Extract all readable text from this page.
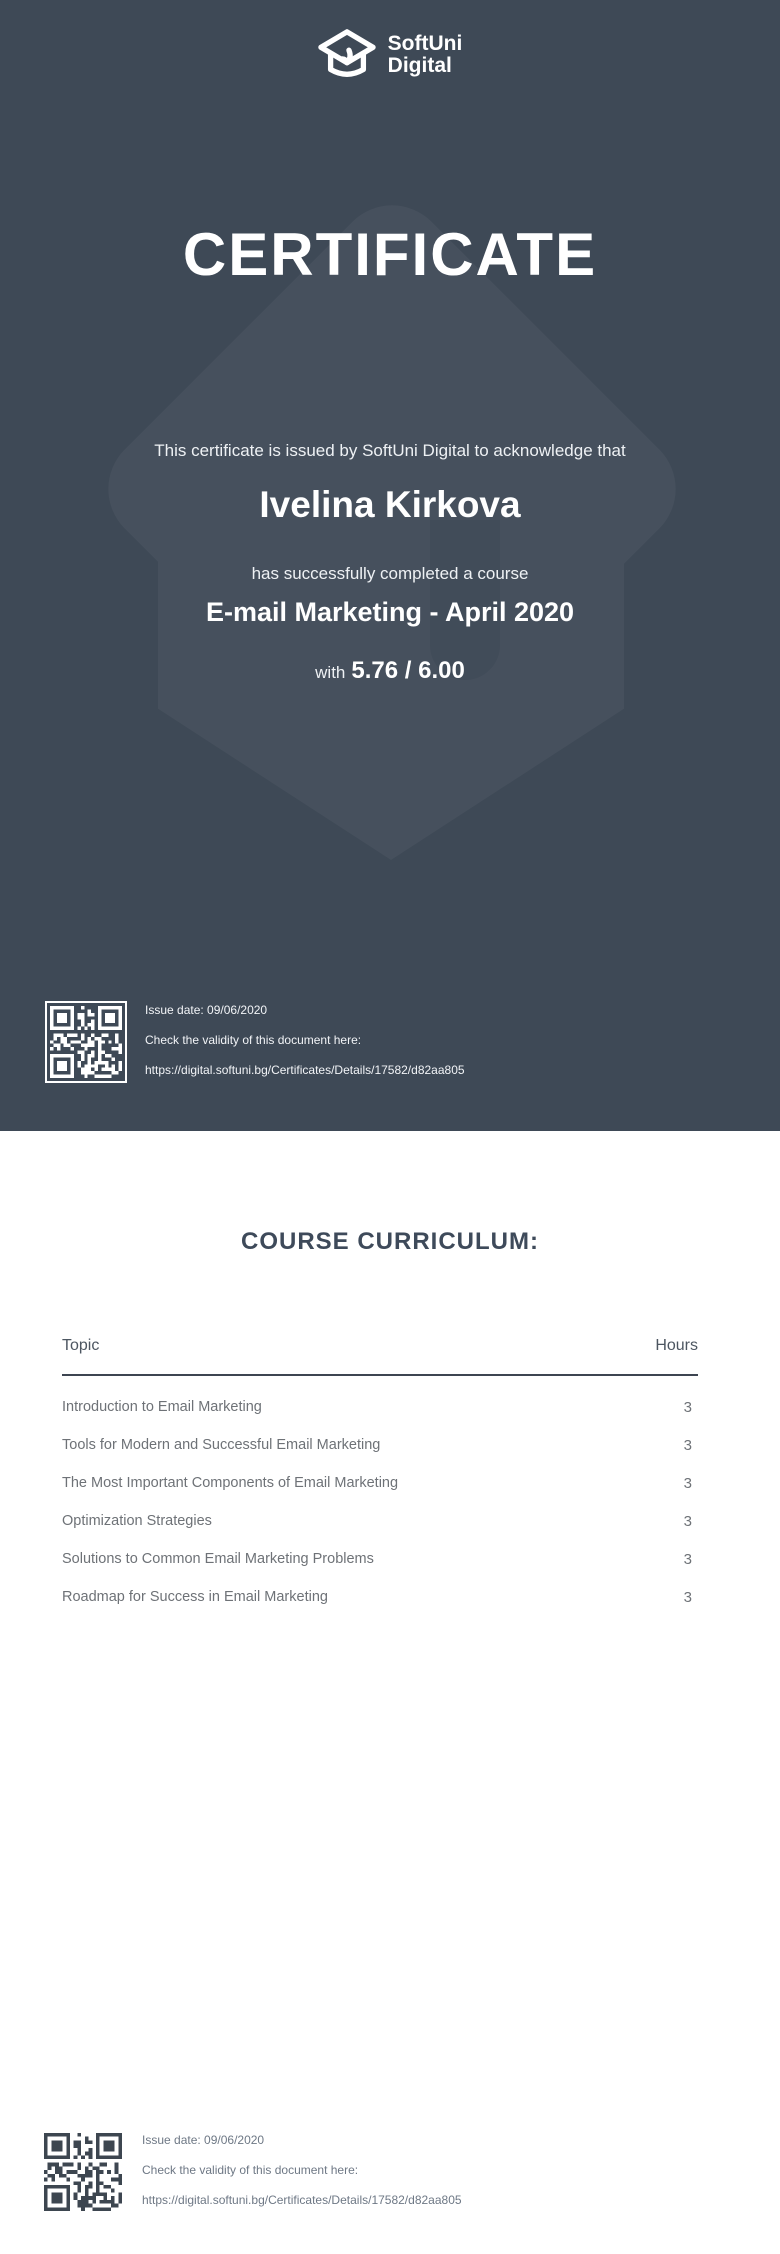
SoftUni
Digital
CERTIFICATE
This certificate is issued by SoftUni Digital to acknowledge that
Ivelina Kirkova
has successfully completed a course
E-mail Marketing - April 2020
with 5.76 / 6.00
Issue date: 09/06/2020
Check the validity of this document here:
https://digital.softuni.bg/Certificates/Details/17582/d82aa805
COURSE CURRICULUM:
Topic	Hours
Introduction to Email Marketing	3
Tools for Modern and Successful Email Marketing	3
The Most Important Components of Email Marketing	3
Optimization Strategies	3
Solutions to Common Email Marketing Problems	3
Roadmap for Success in Email Marketing	3
Issue date: 09/06/2020
Check the validity of this document here:
https://digital.softuni.bg/Certificates/Details/17582/d82aa805
